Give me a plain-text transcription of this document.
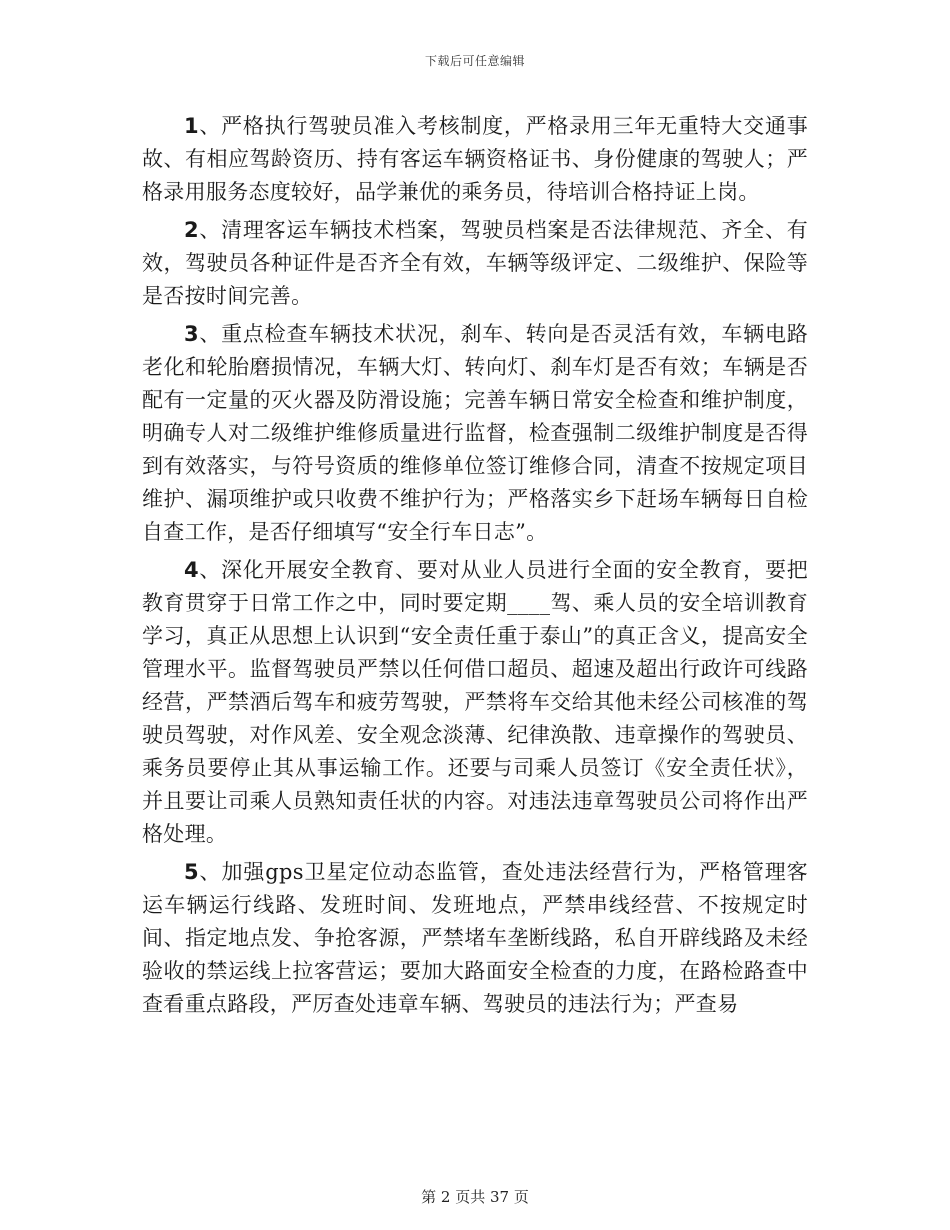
下载后可任意编辑

1、严格执行驾驶员准入考核制度，严格录用三年无重特大交通事故、有相应驾龄资历、持有客运车辆资格证书、身份健康的驾驶人；严格录用服务态度较好，品学兼优的乘务员，待培训合格持证上岗。

2、清理客运车辆技术档案，驾驶员档案是否法律规范、齐全、有效，驾驶员各种证件是否齐全有效，车辆等级评定、二级维护、保险等是否按时间完善。

3、重点检查车辆技术状况，刹车、转向是否灵活有效，车辆电路老化和轮胎磨损情况，车辆大灯、转向灯、刹车灯是否有效；车辆是否配有一定量的灭火器及防滑设施；完善车辆日常安全检查和维护制度，明确专人对二级维护维修质量进行监督，检查强制二级维护制度是否得到有效落实，与符号资质的维修单位签订维修合同，清查不按规定项目维护、漏项维护或只收费不维护行为；严格落实乡下赶场车辆每日自检自查工作，是否仔细填写“安全行车日志”。

4、深化开展安全教育、要对从业人员进行全面的安全教育，要把教育贯穿于日常工作之中，同时要定期____驾、乘人员的安全培训教育学习，真正从思想上认识到“安全责任重于泰山”的真正含义，提高安全管理水平。监督驾驶员严禁以任何借口超员、超速及超出行政许可线路经营，严禁酒后驾车和疲劳驾驶，严禁将车交给其他未经公司核准的驾驶员驾驶，对作风差、安全观念淡薄、纪律涣散、违章操作的驾驶员、乘务员要停止其从事运输工作。还要与司乘人员签订《安全责任状》，并且要让司乘人员熟知责任状的内容。对违法违章驾驶员公司将作出严格处理。

5、加强gps卫星定位动态监管，查处违法经营行为，严格管理客运车辆运行线路、发班时间、发班地点，严禁串线经营、不按规定时间、指定地点发、争抢客源，严禁堵车垄断线路，私自开辟线路及未经验收的禁运线上拉客营运；要加大路面安全检查的力度，在路检路查中查看重点路段，严厉查处违章车辆、驾驶员的违法行为；严查易

第 2 页共 37 页
